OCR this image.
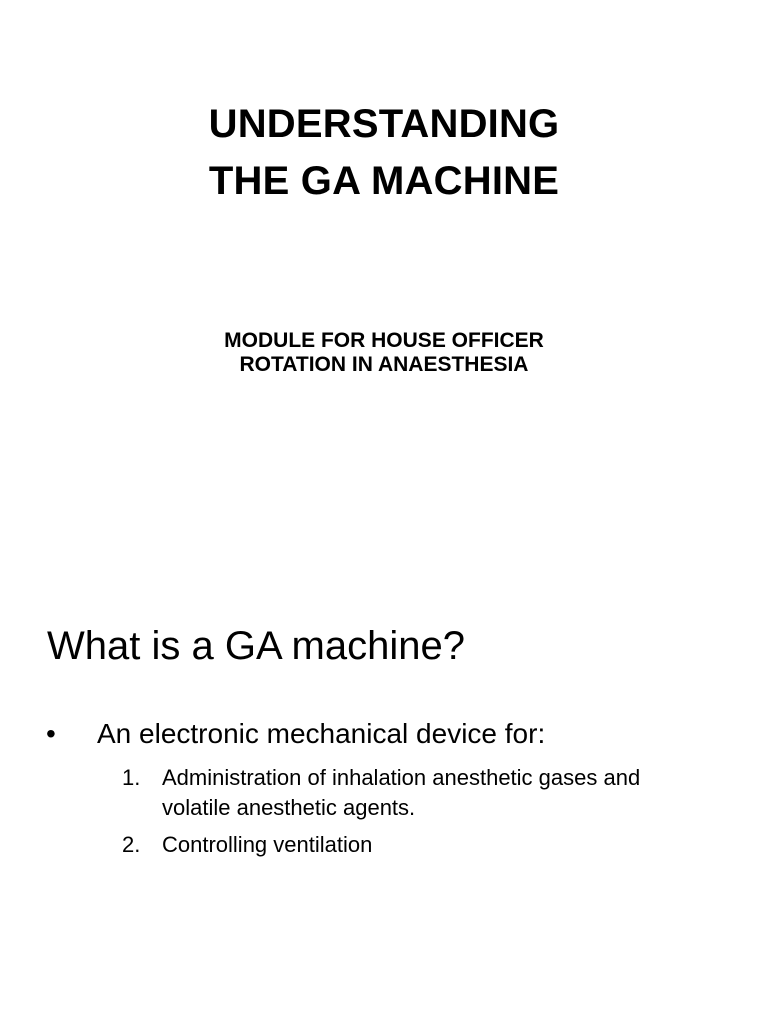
UNDERSTANDING
THE GA MACHINE
MODULE FOR HOUSE OFFICER
ROTATION IN ANAESTHESIA
What is a GA machine?
• An electronic mechanical device for:
1. Administration of inhalation anesthetic gases and
volatile anesthetic agents.
2. Controlling ventilation
